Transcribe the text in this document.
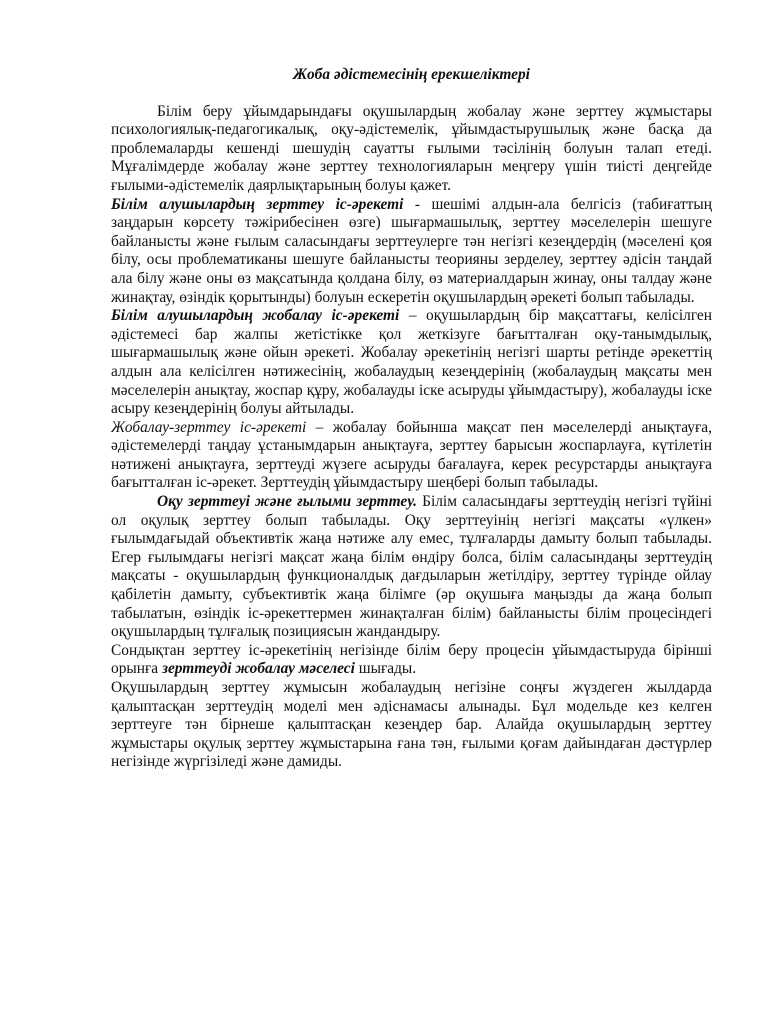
Жоба әдістемесінің ерекшеліктері

Білім беру ұйымдарындағы оқушылардың жобалау және зерттеу жұмыстары психологиялық-педагогикалық, оқу-әдістемелік, ұйымдастырушылық және басқа да проблемаларды кешенді шешудің сауатты ғылыми тәсілінің болуын талап етеді. Мұғалімдерде жобалау және зерттеу технологияларын меңгеру үшін тиісті деңгейде ғылыми-әдістемелік даярлықтарының болуы қажет.

Білім алушылардың зерттеу іс-әрекеті - шешімі алдын-ала белгісіз (табиғаттың заңдарын көрсету тәжірибесінен өзге) шығармашылық, зерттеу мәселелерін шешуге байланысты және ғылым саласындағы зерттеулерге тән негізгі кезеңдердің (мәселені қоя білу, осы проблематиканы шешуге байланысты теорияны зерделеу, зерттеу әдісін таңдай ала білу және оны өз мақсатында қолдана білу, өз материалдарын жинау, оны талдау және жинақтау, өзіндік қорытынды) болуын ескеретін оқушылардың әрекеті болып табылады.

Білім алушылардың жобалау іс-әрекеті – оқушылардың бір мақсаттағы, келісілген әдістемесі бар жалпы жетістікке қол жеткізуге бағытталған оқу-танымдылық, шығармашылық және ойын әрекеті. Жобалау әрекетінің негізгі шарты ретінде әрекеттің алдын ала келісілген нәтижесінің, жобалаудың кезеңдерінің (жобалаудың мақсаты мен мәселелерін анықтау, жоспар құру, жобалауды іске асыруды ұйымдастыру), жобалауды іске асыру кезеңдерінің болуы айтылады.

Жобалау-зерттеу іс-әрекеті – жобалау бойынша мақсат пен мәселелерді анықтауға, әдістемелерді таңдау ұстанымдарын анықтауға, зерттеу барысын жоспарлауға, күтілетін нәтижені анықтауға, зерттеуді жүзеге асыруды бағалауға, керек ресурстарды анықтауға бағытталған іс-әрекет. Зерттеудің ұйымдастыру шеңбері болып табылады.

Оқу зерттеуі және ғылыми зерттеу. Білім саласындағы зерттеудің негізгі түйіні ол оқулық зерттеу болып табылады. Оқу зерттеуінің негізгі мақсаты «үлкен» ғылымдағыдай объективтік жаңа нәтиже алу емес, тұлғаларды дамыту болып табылады. Егер ғылымдағы негізгі мақсат жаңа білім өндіру болса, білім саласындаңы зерттеудің мақсаты - оқушылардың функционалдық дағдыларын жетілдіру, зерттеу түрінде ойлау қабілетін дамыту, субъективтік жаңа білімге (әр оқушыға маңызды да жаңа болып табылатын, өзіндік іс-әрекеттермен жинақталған білім) байланысты білім процесіндегі оқушылардың тұлғалық позициясын жандандыру.

Сондықтан зерттеу іс-әрекетінің негізінде білім беру процесін ұйымдастыруда бірінші орынға зерттеуді жобалау мәселесі шығады.

Оқушылардың зерттеу жұмысын жобалаудың негізіне соңғы жүздеген жылдарда қалыптасқан зерттеудің моделі мен әдіснамасы алынады. Бұл модельде кез келген зерттеуге тән бірнеше қалыптасқан кезеңдер бар. Алайда оқушылардың зерттеу жұмыстары оқулық зерттеу жұмыстарына ғана тән, ғылыми қоғам дайындаған дәстүрлер негізінде жүргізіледі және дамиды.
